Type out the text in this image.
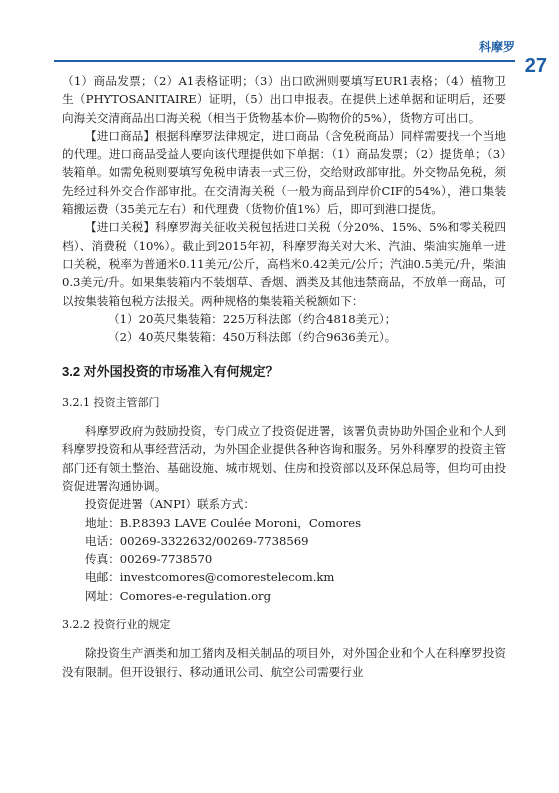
科摩罗
27

（1）商品发票；（2）A1表格证明；（3）出口欧洲则要填写EUR1表格；（4）植物卫生（PHYTOSANITAIRE）证明，（5）出口申报表。在提供上述单据和证明后，还要向海关交清商品出口海关税（相当于货物基本价—购物价的5%），货物方可出口。

【进口商品】根据科摩罗法律规定，进口商品（含免税商品）同样需要找一个当地的代理。进口商品受益人要向该代理提供如下单据：（1）商品发票；（2）提货单；（3）装箱单。如需免税则要填写免税申请表一式三份，交给财政部审批。外交物品免税，须先经过科外交合作部审批。在交清海关税（一般为商品到岸价CIF的54%），港口集装箱搬运费（35美元左右）和代理费（货物价值1%）后，即可到港口提货。

【进口关税】科摩罗海关征收关税包括进口关税（分20%、15%、5%和零关税四档）、消费税（10%）。截止到2015年初，科摩罗海关对大米、汽油、柴油实施单一进口关税，税率为普通米0.11美元/公斤，高档米0.42美元/公斤；汽油0.5美元/升，柴油0.3美元/升。如果集装箱内不装烟草、香烟、酒类及其他违禁商品，不放单一商品，可以按集装箱包税方法报关。两种规格的集装箱关税额如下：

（1）20英尺集装箱：225万科法郎（约合4818美元）；

（2）40英尺集装箱：450万科法郎（约合9636美元）。

3.2 对外国投资的市场准入有何规定？
3.2.1 投资主管部门

科摩罗政府为鼓励投资，专门成立了投资促进署，该署负责协助外国企业和个人到科摩罗投资和从事经营活动，为外国企业提供各种咨询和服务。另外科摩罗的投资主管部门还有领土整治、基础设施、城市规划、住房和投资部以及环保总局等，但均可由投资促进署沟通协调。

投资促进署（ANPI）联系方式：

地址：B.P.8393 LAVE Coulée Moroni，Comores

电话：00269-3322632/00269-7738569

传真：00269-7738570

电邮：investcomores@comorestelecom.km

网址：Comores-e-regulation.org

3.2.2 投资行业的规定

除投资生产酒类和加工猪肉及相关制品的项目外，对外国企业和个人在科摩罗投资没有限制。但开设银行、移动通讯公司、航空公司需要行业
